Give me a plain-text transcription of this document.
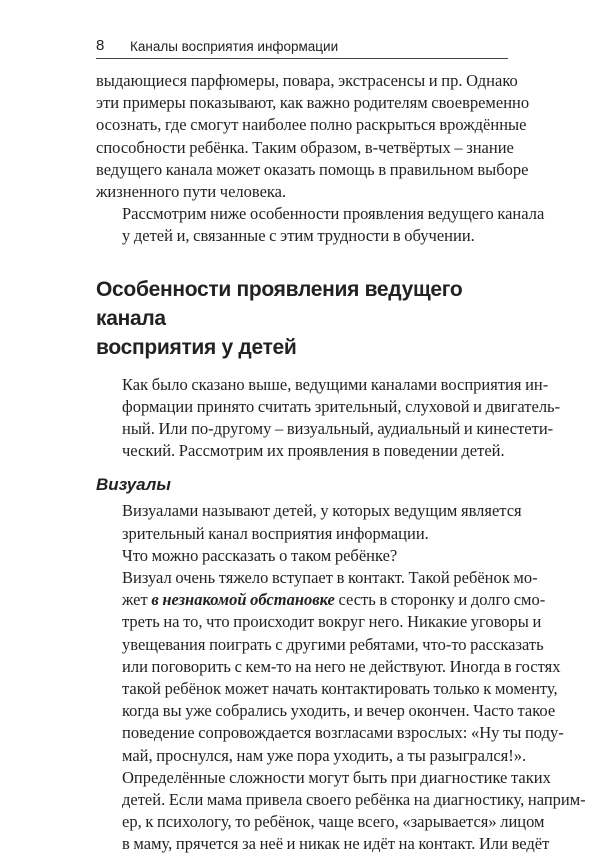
8 Каналы восприятия информации

выдающиеся парфюмеры, повара, экстрасенсы и пр. Однако
эти примеры показывают, как важно родителям своевременно
осознать, где смогут наиболее полно раскрыться врождённые
способности ребёнка. Таким образом, в-четвёртых – знание
ведущего канала может оказать помощь в правильном выборе
жизненного пути человека.

Рассмотрим ниже особенности проявления ведущего канала
у детей и, связанные с этим трудности в обучении.

Особенности проявления ведущего канала
восприятия у детей

Как было сказано выше, ведущими каналами восприятия ин-
формации принято считать зрительный, слуховой и двигатель-
ный. Или по-другому – визуальный, аудиальный и кинестети-
ческий. Рассмотрим их проявления в поведении детей.

Визуалы

Визуалами называют детей, у которых ведущим является
зрительный канал восприятия информации.

Что можно рассказать о таком ребёнке?

Визуал очень тяжело вступает в контакт. Такой ребёнок мо-
жет в незнакомой обстановке сесть в сторонку и долго смо-
треть на то, что происходит вокруг него. Никакие уговоры и
увещевания поиграть с другими ребятами, что-то рассказать
или поговорить с кем-то на него не действуют. Иногда в гостях
такой ребёнок может начать контактировать только к моменту,
когда вы уже собрались уходить, и вечер окончен. Часто такое
поведение сопровождается возгласами взрослых: «Ну ты поду-
май, проснулся, нам уже пора уходить, а ты разыгрался!».

Определённые сложности могут быть при диагностике таких
детей. Если мама привела своего ребёнка на диагностику, наприм-
ер, к психологу, то ребёнок, чаще всего, «зарывается» лицом
в маму, прячется за неё и никак не идёт на контакт. Или ведёт
